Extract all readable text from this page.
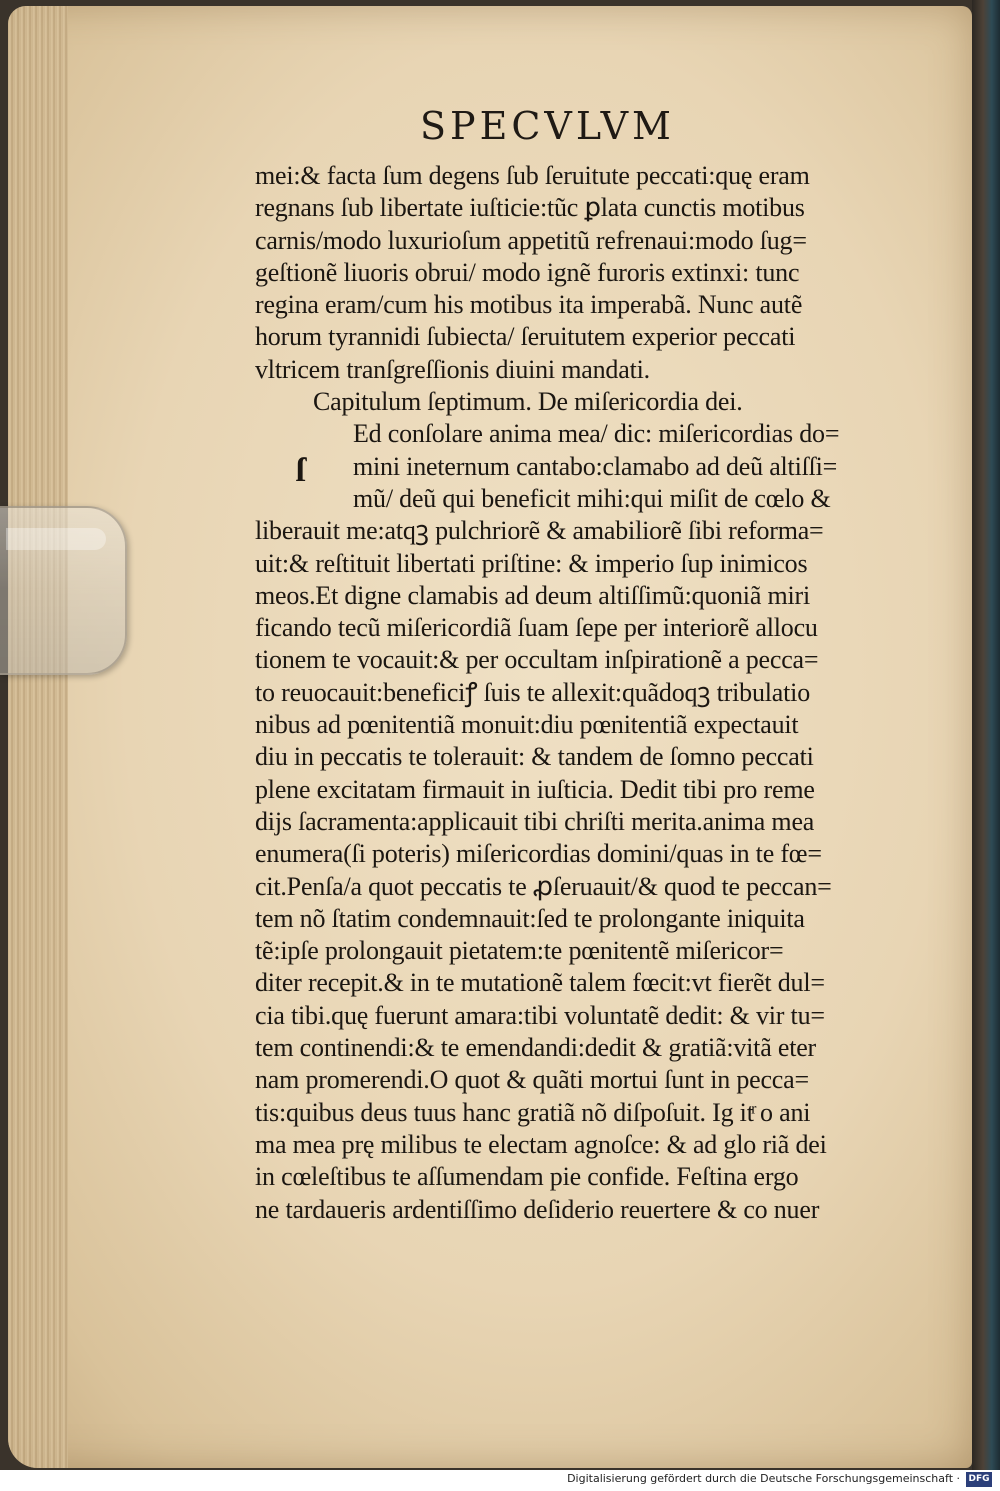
SPECVLVM
ſ
mei:& facta ſum degens ſub ſeruitute peccati:quę eram
regnans ſub libertate iuſticie:tũc ꝑlata cunctis motibus
carnis/modo luxurioſum appetitũ refrenaui:modo ſug=
geſtionẽ liuoris obrui/ modo ignẽ furoris extinxi: tunc
regina eram/cum his motibus ita imperabã. Nunc autẽ
horum tyrannidi ſubiecta/ ſeruitutem experior peccati
vltricem tranſgreſſionis diuini mandati.
Capitulum ſeptimum. De miſericordia dei.
Ed conſolare anima mea/ dic: miſericordias do=
mini ineternum cantabo:clamabo ad deũ altiſſi=
mũ/ deũ qui beneficit mihi:qui miſit de cœlo &
liberauit me:atqꝫ pulchriorẽ & amabiliorẽ ſibi reforma=
uit:& reſtituit libertati priſtine: & imperio ſup inimicos
meos.Et digne clamabis ad deum altiſſimũ:quoniã miri
ficando tecũ miſericordiã ſuam ſepe per interiorẽ allocu
tionem te vocauit:& per occultam inſpirationẽ a pecca=
to reuocauit:beneficiꝭ ſuis te allexit:quãdoqꝫ tribulatio
nibus ad pœnitentiã monuit:diu pœnitentiã expectauit
diu in peccatis te tolerauit: & tandem de ſomno peccati
plene excitatam firmauit in iuſticia. Dedit tibi pro reme
dijs ſacramenta:applicauit tibi chriſti merita.anima mea
enumera(ſi poteris) miſericordias domini/quas in te fœ=
cit.Penſa/a quot peccatis te ꝓſeruauit/& quod te peccan=
tem nõ ſtatim condemnauit:ſed te prolongante iniquita
tẽ:ipſe prolongauit pietatem:te pœnitentẽ miſericor=
diter recepit.& in te mutationẽ talem fœcit:vt fierẽt dul=
cia tibi.quę fuerunt amara:tibi voluntatẽ dedit: & vir tu=
tem continendi:& te emendandi:dedit & gratiã:vitã eter
nam promerendi.O quot & quãti mortui ſunt in pecca=
tis:quibus deus tuus hanc gratiã nõ diſpoſuit. Ig itͬ o ani
ma mea prę milibus te electam agnoſce: & ad glo riã dei
in cœleſtibus te aſſumendam pie confide. Feſtina ergo
ne tardaueris ardentiſſimo deſiderio reuertere & co nuer
Digitalisierung gefördert durch die Deutsche Forschungsgemeinschaft · DFG
